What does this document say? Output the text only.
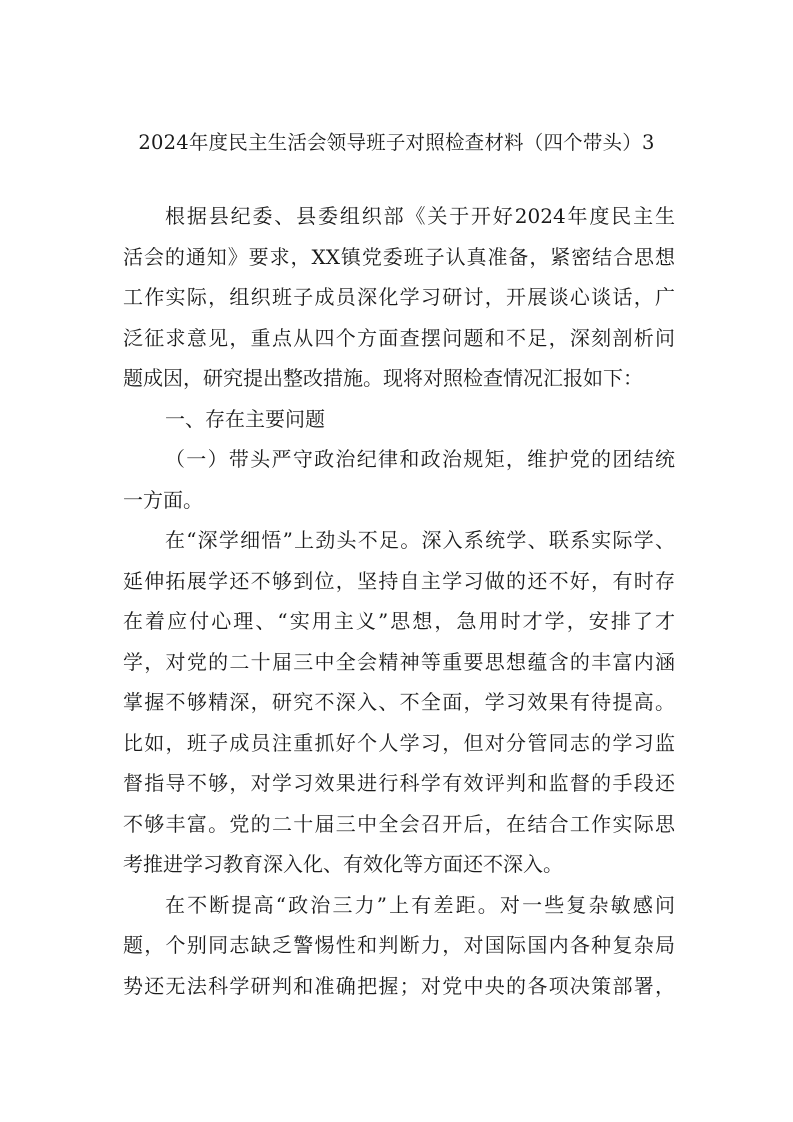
2024年度民主生活会领导班子对照检查材料（四个带头）3
根据县纪委、县委组织部《关于开好2024年度民主生
活会的通知》要求，XX镇党委班子认真准备，紧密结合思想
工作实际，组织班子成员深化学习研讨，开展谈心谈话，广
泛征求意见，重点从四个方面查摆问题和不足，深刻剖析问
题成因，研究提出整改措施。现将对照检查情况汇报如下：
一、存在主要问题
（一）带头严守政治纪律和政治规矩，维护党的团结统
一方面。
在“深学细悟”上劲头不足。深入系统学、联系实际学、
延伸拓展学还不够到位，坚持自主学习做的还不好，有时存
在着应付心理、“实用主义”思想，急用时才学，安排了才
学，对党的二十届三中全会精神等重要思想蕴含的丰富内涵
掌握不够精深，研究不深入、不全面，学习效果有待提高。
比如，班子成员注重抓好个人学习，但对分管同志的学习监
督指导不够，对学习效果进行科学有效评判和监督的手段还
不够丰富。党的二十届三中全会召开后，在结合工作实际思
考推进学习教育深入化、有效化等方面还不深入。
在不断提高“政治三力”上有差距。对一些复杂敏感问
题，个别同志缺乏警惕性和判断力，对国际国内各种复杂局
势还无法科学研判和准确把握；对党中央的各项决策部署，
